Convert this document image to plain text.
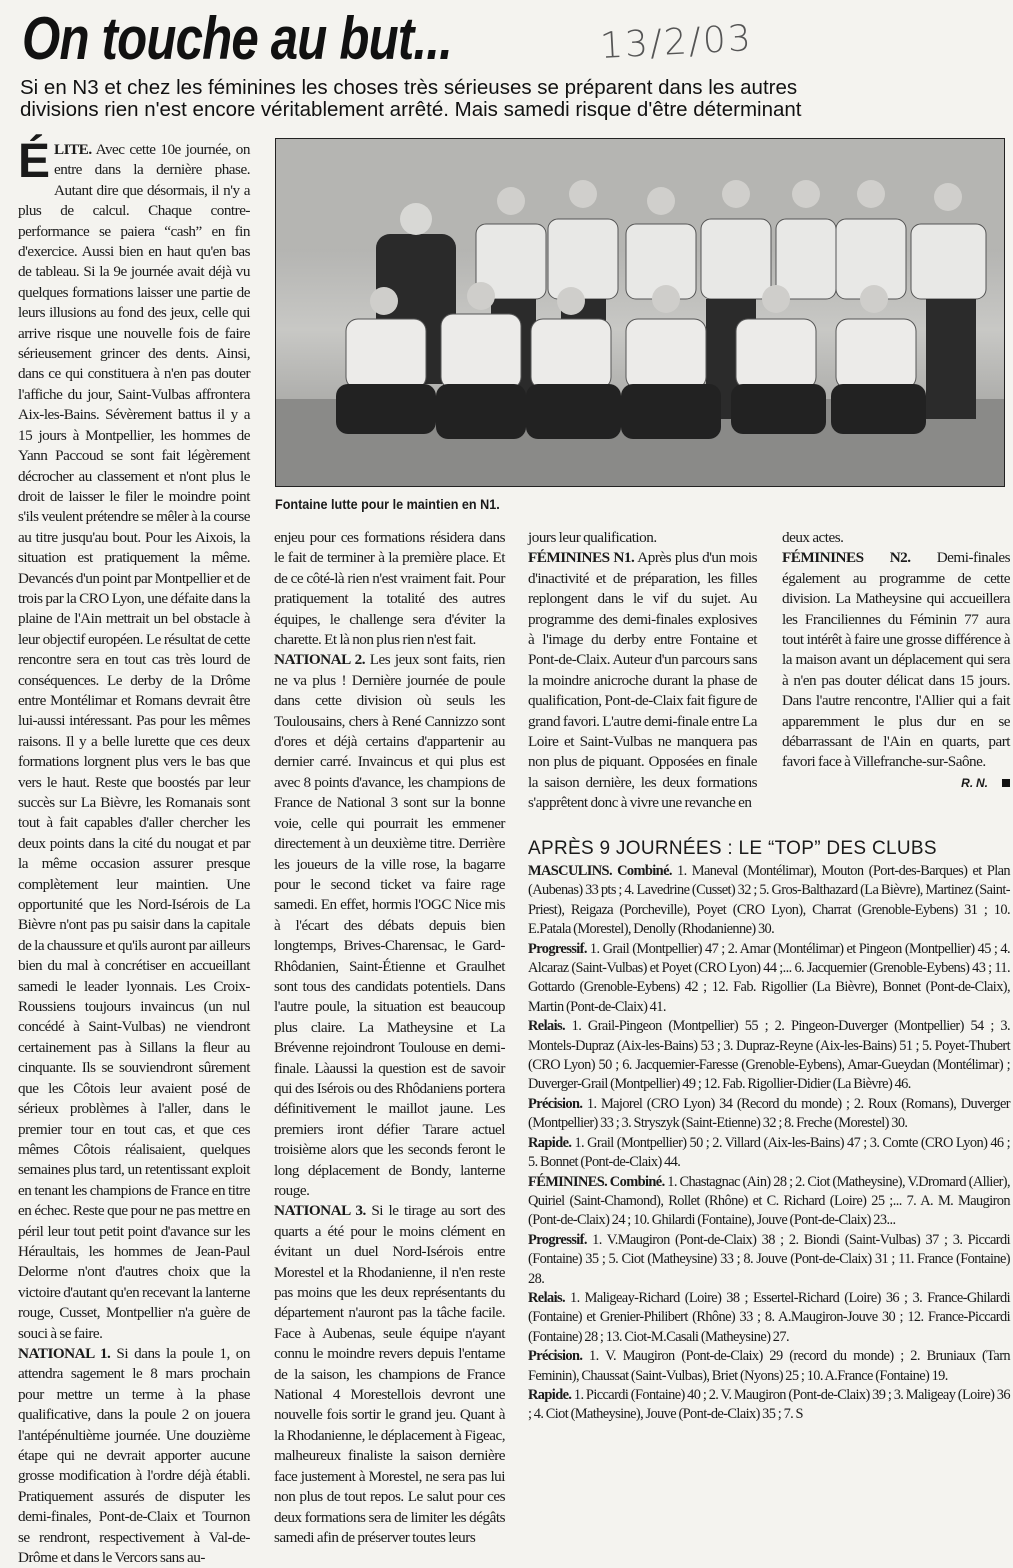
On touche au but...	13/2/03
Si en N3 et chez les féminines les choses très sérieuses se préparent dans les autres
divisions rien n'est encore véritablement arrêté. Mais samedi risque d'être déterminant

ÉLITE. Avec cette 10e journée, on entre dans la dernière phase. Autant dire que désormais, il n'y a plus de calcul. Chaque contre-performance se paiera “cash” en fin d'exercice. Aussi bien en haut qu'en bas de tableau. Si la 9e journée avait déjà vu quelques formations laisser une partie de leurs illusions au fond des jeux, celle qui arrive risque une nouvelle fois de faire sérieusement grincer des dents. Ainsi, dans ce qui constituera à n'en pas douter l'affiche du jour, Saint-Vulbas affrontera Aix-les-Bains. Sévèrement battus il y a 15 jours à Montpellier, les hommes de Yann Paccoud se sont fait légèrement décrocher au classement et n'ont plus le droit de laisser le filer le moindre point s'ils veulent prétendre se mêler à la course au titre jusqu'au bout. Pour les Aixois, la situation est pratiquement la même. Devancés d'un point par Montpellier et de trois par la CRO Lyon, une défaite dans la plaine de l'Ain mettrait un bel obstacle à leur objectif européen. Le résultat de cette rencontre sera en tout cas très lourd de conséquences. Le derby de la Drôme entre Montélimar et Romans devrait être lui-aussi intéressant. Pas pour les mêmes raisons. Il y a belle lurette que ces deux formations lorgnent plus vers le bas que vers le haut. Reste que boostés par leur succès sur La Bièvre, les Romanais sont tout à fait capables d'aller chercher les deux points dans la cité du nougat et par la même occasion assurer presque complètement leur maintien. Une opportunité que les Nord-Isérois de La Bièvre n'ont pas pu saisir dans la capitale de la chaussure et qu'ils auront par ailleurs bien du mal à concrétiser en accueillant samedi le leader lyonnais. Les Croix-Roussiens toujours invaincus (un nul concédé à Saint-Vulbas) ne viendront certainement pas à Sillans la fleur au cinquante. Ils se souviendront sûrement que les Côtois leur avaient posé de sérieux problèmes à l'aller, dans le premier tour en tout cas, et que ces mêmes Côtois réalisaient, quelques semaines plus tard, un retentissant exploit en tenant les champions de France en titre en échec. Reste que pour ne pas mettre en péril leur tout petit point d'avance sur les Héraultais, les hommes de Jean-Paul Delorme n'ont d'autres choix que la victoire d'autant qu'en recevant la lanterne rouge, Cusset, Montpellier n'a guère de souci à se faire.

NATIONAL 1. Si dans la poule 1, on attendra sagement le 8 mars prochain pour mettre un terme à la phase qualificative, dans la poule 2 on jouera l'antépénultième journée. Une douzième étape qui ne devrait apporter aucune grosse modification à l'ordre déjà établi. Pratiquement assurés de disputer les demi-finales, Pont-de-Claix et Tournon se rendront, respectivement à Val-de-Drôme et dans le Vercors sans au-

Fontaine lutte pour le maintien en N1.

enjeu pour ces formations résidera dans le fait de terminer à la première place. Et de ce côté-là rien n'est vraiment fait. Pour pratiquement la totalité des autres équipes, le challenge sera d'éviter la charette. Et là non plus rien n'est fait.

NATIONAL 2. Les jeux sont faits, rien ne va plus ! Dernière journée de poule dans cette division où seuls les Toulousains, chers à René Cannizzo sont d'ores et déjà certains d'appartenir au dernier carré. Invaincus et qui plus est avec 8 points d'avance, les champions de France de National 3 sont sur la bonne voie, celle qui pourrait les emmener directement à un deuxième titre. Derrière les joueurs de la ville rose, la bagarre pour le second ticket va faire rage samedi. En effet, hormis l'OGC Nice mis à l'écart des débats depuis bien longtemps, Brives-Charensac, le Gard-Rhôdanien, Saint-Étienne et Graulhet sont tous des candidats potentiels. Dans l'autre poule, la situation est beaucoup plus claire. La Matheysine et La Brévenne rejoindront Toulouse en demi-finale. Làaussi la question est de savoir qui des Isérois ou des Rhôdaniens portera définitivement le maillot jaune. Les premiers iront défier Tarare actuel troisième alors que les seconds feront le long déplacement de Bondy, lanterne rouge.

NATIONAL 3. Si le tirage au sort des quarts a été pour le moins clément en évitant un duel Nord-Isérois entre Morestel et la Rhodanienne, il n'en reste pas moins que les deux représentants du département n'auront pas la tâche facile. Face à Aubenas, seule équipe n'ayant connu le moindre revers depuis l'entame de la saison, les champions de France National 4 Morestellois devront une nouvelle fois sortir le grand jeu. Quant à la Rhodanienne, le déplacement à Figeac, malheureux finaliste la saison dernière face justement à Morestel, ne sera pas lui non plus de tout repos. Le salut pour ces deux formations sera de limiter les dégâts samedi afin de préserver toutes leurs

jours leur qualification.

FÉMININES N1. Après plus d'un mois d'inactivité et de préparation, les filles replongent dans le vif du sujet. Au programme des demi-finales explosives à l'image du derby entre Fontaine et Pont-de-Claix. Auteur d'un parcours sans la moindre anicroche durant la phase de qualification, Pont-de-Claix fait figure de grand favori. L'autre demi-finale entre La Loire et Saint-Vulbas ne manquera pas non plus de piquant. Opposées en finale la saison dernière, les deux formations s'apprêtent donc à vivre une revanche en

deux actes.

FÉMININES N2. Demi-finales également au programme de cette division. La Matheysine qui accueillera les Franciliennes du Féminin 77 aura tout intérêt à faire une grosse différence à la maison avant un déplacement qui sera à n'en pas douter délicat dans 15 jours. Dans l'autre rencontre, l'Allier qui a fait apparemment le plus dur en se débarrassant de l'Ain en quarts, part favori face à Villefranche-sur-Saône.

R. N.

APRÈS 9 JOURNÉES : LE “TOP” DES CLUBS

MASCULINS. Combiné. 1. Maneval (Montélimar), Mouton (Port-des-Barques) et Plan (Aubenas) 33 pts ; 4. Lavedrine (Cusset) 32 ; 5. Gros-Balthazard (La Bièvre), Martinez (Saint-Priest), Reigaza (Porcheville), Poyet (CRO Lyon), Charrat (Grenoble-Eybens) 31 ; 10. E.Patala (Morestel), Denolly (Rhodanienne) 30.

Progressif. 1. Grail (Montpellier) 47 ; 2. Amar (Montélimar) et Pingeon (Montpellier) 45 ; 4. Alcaraz (Saint-Vulbas) et Poyet (CRO Lyon) 44 ;... 6. Jacquemier (Grenoble-Eybens) 43 ; 11. Gottardo (Grenoble-Eybens) 42 ; 12. Fab. Rigollier (La Bièvre), Bonnet (Pont-de-Claix), Martin (Pont-de-Claix) 41.

Relais. 1. Grail-Pingeon (Montpellier) 55 ; 2. Pingeon-Duverger (Montpellier) 54 ; 3. Montels-Dupraz (Aix-les-Bains) 53 ; 3. Dupraz-Reyne (Aix-les-Bains) 51 ; 5. Poyet-Thubert (CRO Lyon) 50 ; 6. Jacquemier-Faresse (Grenoble-Eybens), Amar-Gueydan (Montélimar) ; Duverger-Grail (Montpellier) 49 ; 12. Fab. Rigollier-Didier (La Bièvre) 46.

Précision. 1. Majorel (CRO Lyon) 34 (Record du monde) ; 2. Roux (Romans), Duverger (Montpellier) 33 ; 3. Stryszyk (Saint-Etienne) 32 ; 8. Freche (Morestel) 30.

Rapide. 1. Grail (Montpellier) 50 ; 2. Villard (Aix-les-Bains) 47 ; 3. Comte (CRO Lyon) 46 ; 5. Bonnet (Pont-de-Claix) 44.

FÉMININES. Combiné. 1. Chastagnac (Ain) 28 ; 2. Ciot (Matheysine), V.Dromard (Allier), Quiriel (Saint-Chamond), Rollet (Rhône) et C. Richard (Loire) 25 ;... 7. A. M. Maugiron (Pont-de-Claix) 24 ; 10. Ghilardi (Fontaine), Jouve (Pont-de-Claix) 23...

Progressif. 1. V.Maugiron (Pont-de-Claix) 38 ; 2. Biondi (Saint-Vulbas) 37 ; 3. Piccardi (Fontaine) 35 ; 5. Ciot (Matheysine) 33 ; 8. Jouve (Pont-de-Claix) 31 ; 11. France (Fontaine) 28.

Relais. 1. Maligeay-Richard (Loire) 38 ; Essertel-Richard (Loire) 36 ; 3. France-Ghilardi (Fontaine) et Grenier-Philibert (Rhône) 33 ; 8. A.Maugiron-Jouve 30 ; 12. France-Piccardi (Fontaine) 28 ; 13. Ciot-M.Casali (Matheysine) 27.

Précision. 1. V. Maugiron (Pont-de-Claix) 29 (record du monde) ; 2. Bruniaux (Tarn Feminin), Chaussat (Saint-Vulbas), Briet (Nyons) 25 ; 10. A.France (Fontaine) 19.

Rapide. 1. Piccardi (Fontaine) 40 ; 2. V. Maugiron (Pont-de-Claix) 39 ; 3. Maligeay (Loire) 36 ; 4. Ciot (Matheysine), Jouve (Pont-de-Claix) 35 ; 7. S
